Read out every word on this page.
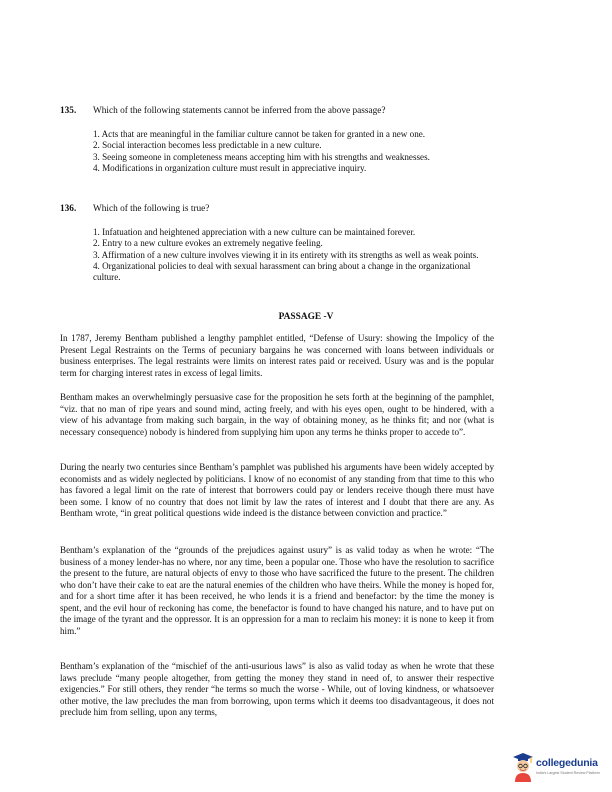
135. Which of the following statements cannot be inferred from the above passage?
1. Acts that are meaningful in the familiar culture cannot be taken for granted in a new one.
2. Social interaction becomes less predictable in a new culture.
3. Seeing someone in completeness means accepting him with his strengths and weaknesses.
4. Modifications in organization culture must result in appreciative inquiry.
136. Which of the following is true?
1. Infatuation and heightened appreciation with a new culture can be maintained forever.
2. Entry to a new culture evokes an extremely negative feeling.
3. Affirmation of a new culture involves viewing it in its entirety with its strengths as well as weak points.
4. Organizational policies to deal with sexual harassment can bring about a change in the organizational culture.
PASSAGE -V

In 1787, Jeremy Bentham published a lengthy pamphlet entitled, “Defense of Usury: showing the Impolicy of the Present Legal Restraints on the Terms of pecuniary bargains he was concerned with loans between individuals or business enterprises. The legal restraints were limits on interest rates paid or received. Usury was and is the popular term for charging interest rates in excess of legal limits.

Bentham makes an overwhelmingly persuasive case for the proposition he sets forth at the beginning of the pamphlet, “viz. that no man of ripe years and sound mind, acting freely, and with his eyes open, ought to be hindered, with a view of his advantage from making such bargain, in the way of obtaining money, as he thinks fit; and nor (what is necessary consequence) nobody is hindered from supplying him upon any terms he thinks proper to accede to”.

During the nearly two centuries since Bentham’s pamphlet was published his arguments have been widely accepted by economists and as widely neglected by politicians. I know of no economist of any standing from that time to this who has favored a legal limit on the rate of interest that borrowers could pay or lenders receive though there must have been some. I know of no country that does not limit by law the rates of interest and I doubt that there are any. As Bentham wrote, “in great political questions wide indeed is the distance between conviction and practice.”

Bentham’s explanation of the “grounds of the prejudices against usury” is as valid today as when he wrote: “The business of a money lender-has no where, nor any time, been a popular one. Those who have the resolution to sacrifice the present to the future, are natural objects of envy to those who have sacrificed the future to the present. The children who don’t have their cake to eat are the natural enemies of the children who have theirs. While the money is hoped for, and for a short time after it has been received, he who lends it is a friend and benefactor: by the time the money is spent, and the evil hour of reckoning has come, the benefactor is found to have changed his nature, and to have put on the image of the tyrant and the oppressor. It is an oppression for a man to reclaim his money: it is none to keep it from him.”

Bentham’s explanation of the “mischief of the anti-usurious laws” is also as valid today as when he wrote that these laws preclude “many people altogether, from getting the money they stand in need of, to answer their respective exigencies.” For still others, they render “he terms so much the worse - While, out of loving kindness, or whatsoever other motive, the law precludes the man from borrowing, upon terms which it deems too disadvantageous, it does not preclude him from selling, upon any terms,

collegedunia
India's Largest Student Review Platform
